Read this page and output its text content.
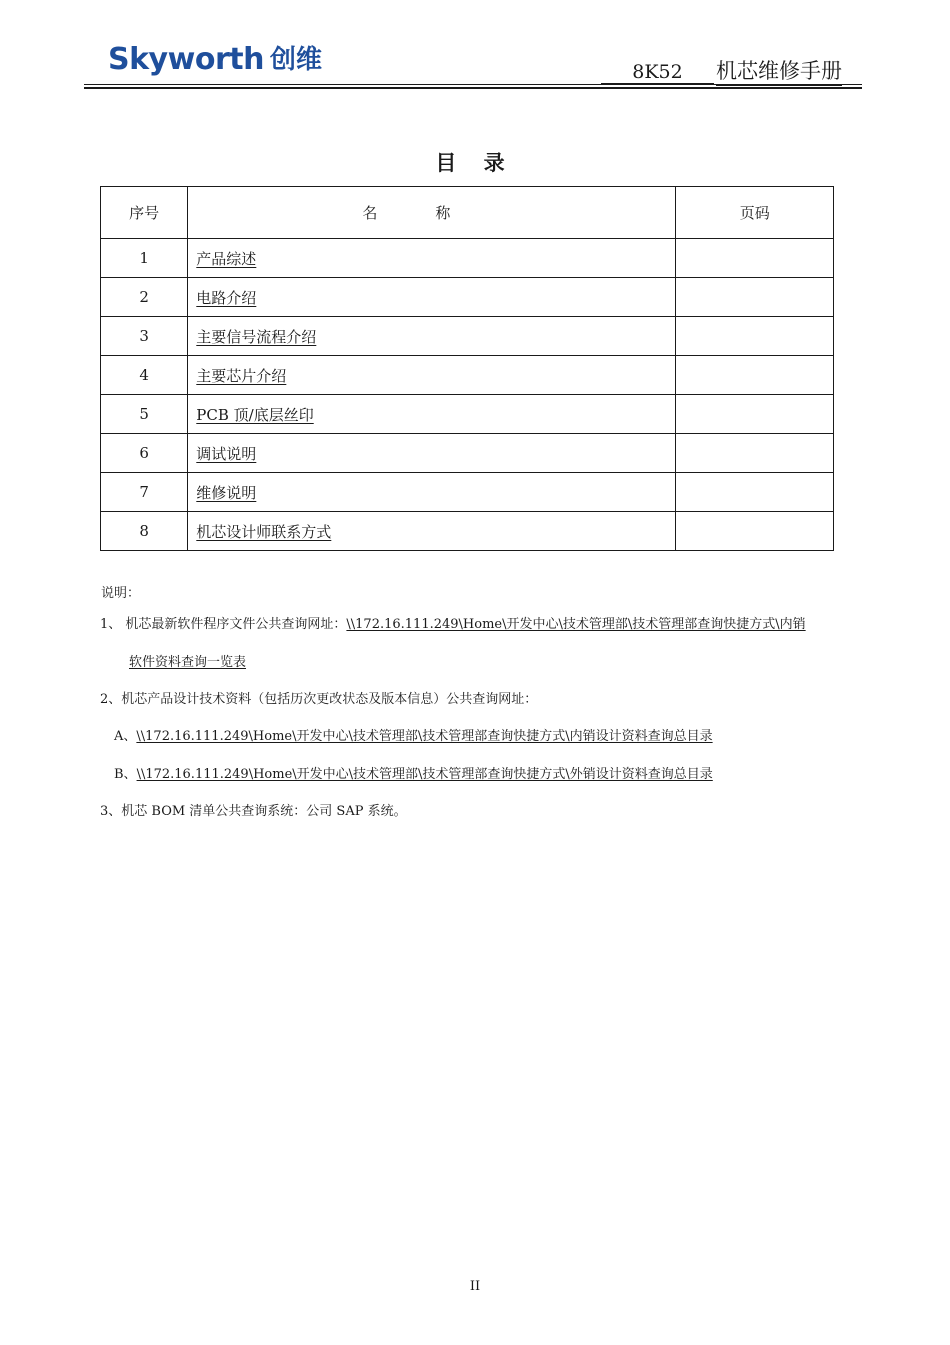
Skyworth 创维	8K52	机芯维修手册
目 录
序号	名称	页码
1	产品综述	
2	电路介绍	
3	主要信号流程介绍	
4	主要芯片介绍	
5	PCB 顶/底层丝印	
6	调试说明	
7	维修说明	
8	机芯设计师联系方式	
说明：
1、 机芯最新软件程序文件公共查询网址：\\172.16.111.249\Home\开发中心\技术管理部\技术管理部查询快捷方式\内销
软件资料查询一览表
2、机芯产品设计技术资料（包括历次更改状态及版本信息）公共查询网址：
A、\\172.16.111.249\Home\开发中心\技术管理部\技术管理部查询快捷方式\内销设计资料查询总目录
B、\\172.16.111.249\Home\开发中心\技术管理部\技术管理部查询快捷方式\外销设计资料查询总目录
3、机芯 BOM 清单公共查询系统：公司 SAP 系统。
II
